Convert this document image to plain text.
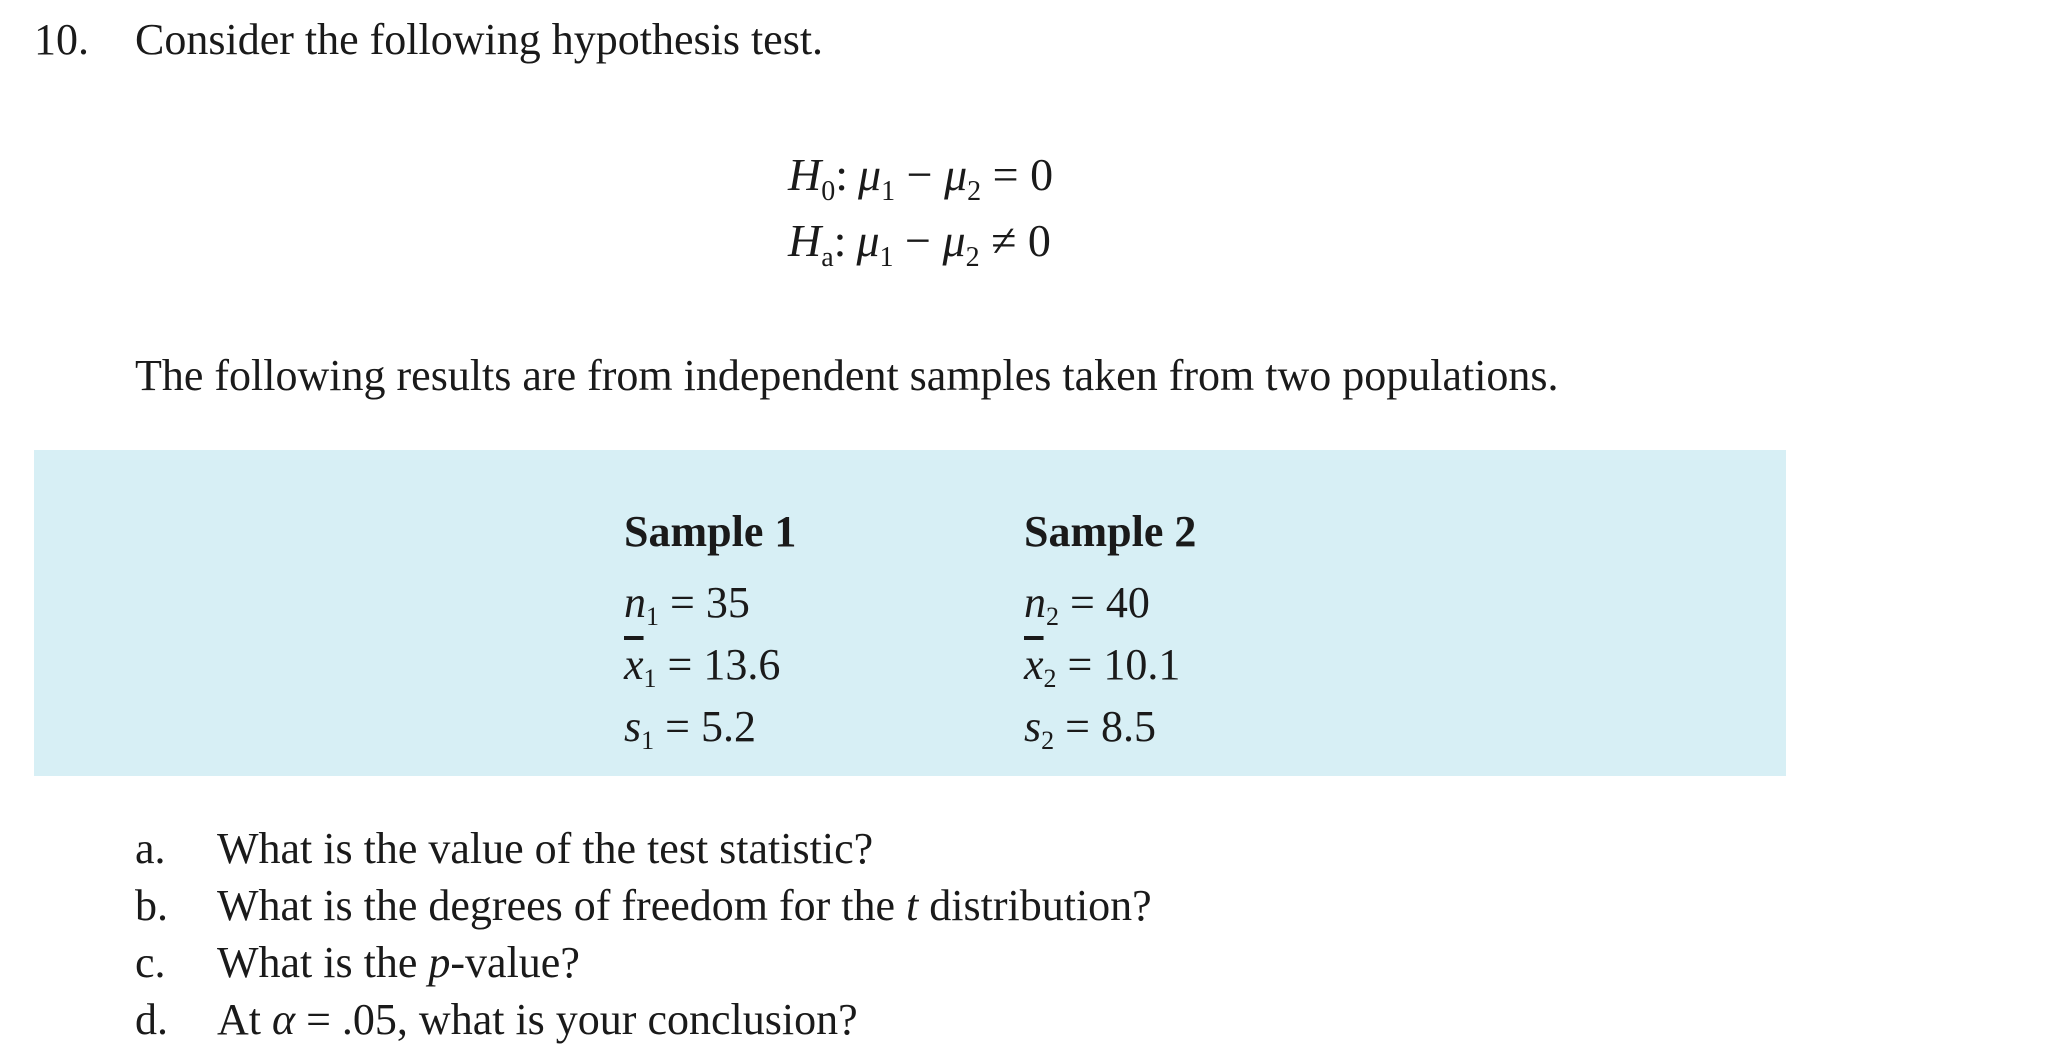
10. Consider the following hypothesis test.
$H_0$: $\mu_1 - \mu_2 = 0$
$H_a$: $\mu_1 - \mu_2 \ne 0$
The following results are from independent samples taken from two populations.
Sample 1
$n_1 = 35$
$\overline{x}_1 = 13.6$
$s_1 = 5.2$
Sample 2
$n_2 = 40$
$\overline{x}_2 = 10.1$
$s_2 = 8.5$
a. What is the value of the test statistic?
b. What is the degrees of freedom for the t distribution?
c. What is the p-value?
d. At α = .05, what is your conclusion?
